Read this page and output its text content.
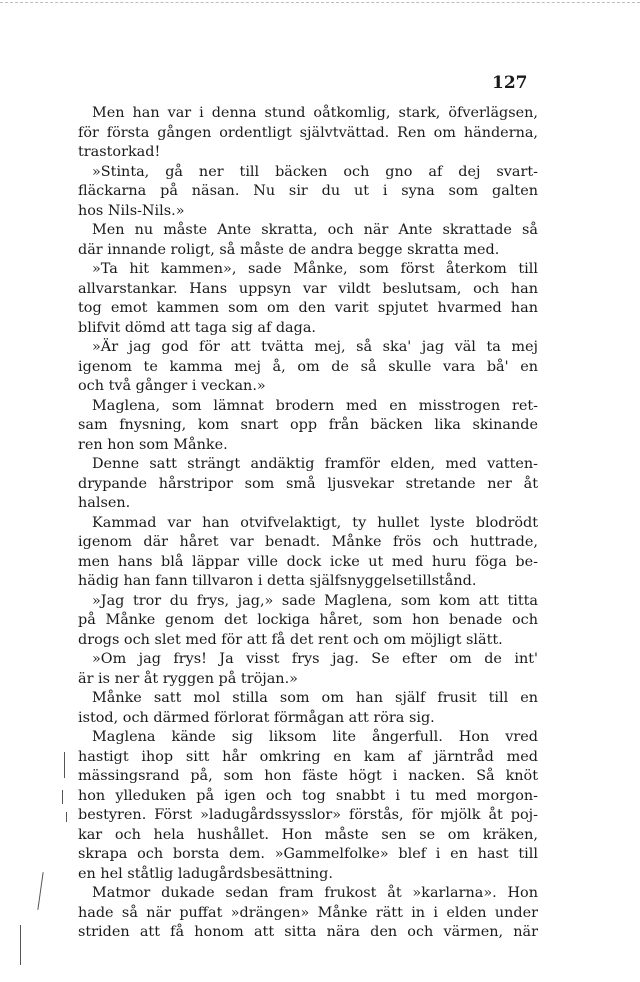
127
Men han var i denna stund oåtkomlig, stark, öfverlägsen,
för första gången ordentligt självtvättad. Ren om händerna,
trastorkad!
»Stinta, gå ner till bäcken och gno af dej svart-
fläckarna på näsan. Nu sir du ut i syna som galten
hos Nils-Nils.»
Men nu måste Ante skratta, och när Ante skrattade så
där innande roligt, så måste de andra begge skratta med.
»Ta hit kammen», sade Månke, som först återkom till
allvarstankar. Hans uppsyn var vildt beslutsam, och han
tog emot kammen som om den varit spjutet hvarmed han
blifvit dömd att taga sig af daga.
»Är jag god för att tvätta mej, så ska' jag väl ta mej
igenom te kamma mej å, om de så skulle vara bå' en
och två gånger i veckan.»
Maglena, som lämnat brodern med en misstrogen ret-
sam fnysning, kom snart opp från bäcken lika skinande
ren hon som Månke.
Denne satt strängt andäktig framför elden, med vatten-
drypande hårstripor som små ljusvekar stretande ner åt
halsen.
Kammad var han otvifvelaktigt, ty hullet lyste blodrödt
igenom där håret var benadt. Månke frös och huttrade,
men hans blå läppar ville dock icke ut med huru föga be-
hädig han fann tillvaron i detta själfsnyggelsetillstånd.
»Jag tror du frys, jag,» sade Maglena, som kom att titta
på Månke genom det lockiga håret, som hon benade och
drogs och slet med för att få det rent och om möjligt slätt.
»Om jag frys! Ja visst frys jag. Se efter om de int'
är is ner åt ryggen på tröjan.»
Månke satt mol stilla som om han själf frusit till en
istod, och därmed förlorat förmågan att röra sig.
Maglena kände sig liksom lite ångerfull. Hon vred
hastigt ihop sitt hår omkring en kam af järntråd med
mässingsrand på, som hon fäste högt i nacken. Så knöt
hon ylleduken på igen och tog snabbt i tu med morgon-
bestyren. Först »ladugårdssysslor» förstås, för mjölk åt poj-
kar och hela hushållet. Hon måste sen se om kräken,
skrapa och borsta dem. »Gammelfolke» blef i en hast till
en hel ståtlig ladugårdsbesättning.
Matmor dukade sedan fram frukost åt »karlarna». Hon
hade så när puffat »drängen» Månke rätt in i elden under
striden att få honom att sitta nära den och värmen, när
